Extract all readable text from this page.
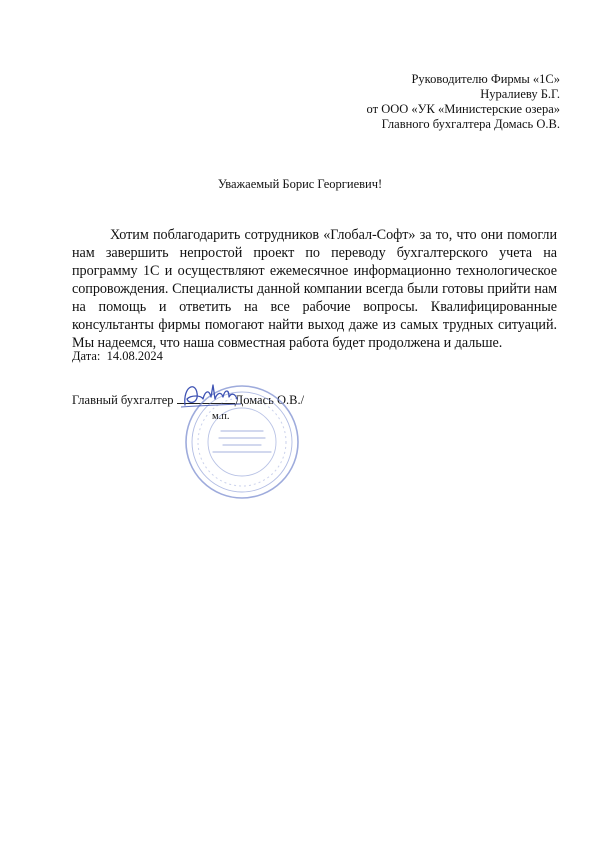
Руководителю Фирмы «1С»
Нуралиеву Б.Г.
от ООО «УК «Министерские озера»
Главного бухгалтера Домась О.В.
Уважаемый Борис Георгиевич!

Хотим поблагодарить сотрудников «Глобал-Софт» за то, что они помогли нам завершить непростой проект по переводу бухгалтерского учета на программу 1С и осуществляют ежемесячное информационно технологическое сопровождения. Специалисты данной компании всегда были готовы прийти нам на помощь и ответить на все рабочие вопросы. Квалифицированные консультанты фирмы помогают найти выход даже из самых трудных ситуаций. Мы надеемся, что наша совместная работа будет продолжена и дальше.

Дата: 14.08.2024
Главный бухгалтер	Домась О.В./
м.п.
